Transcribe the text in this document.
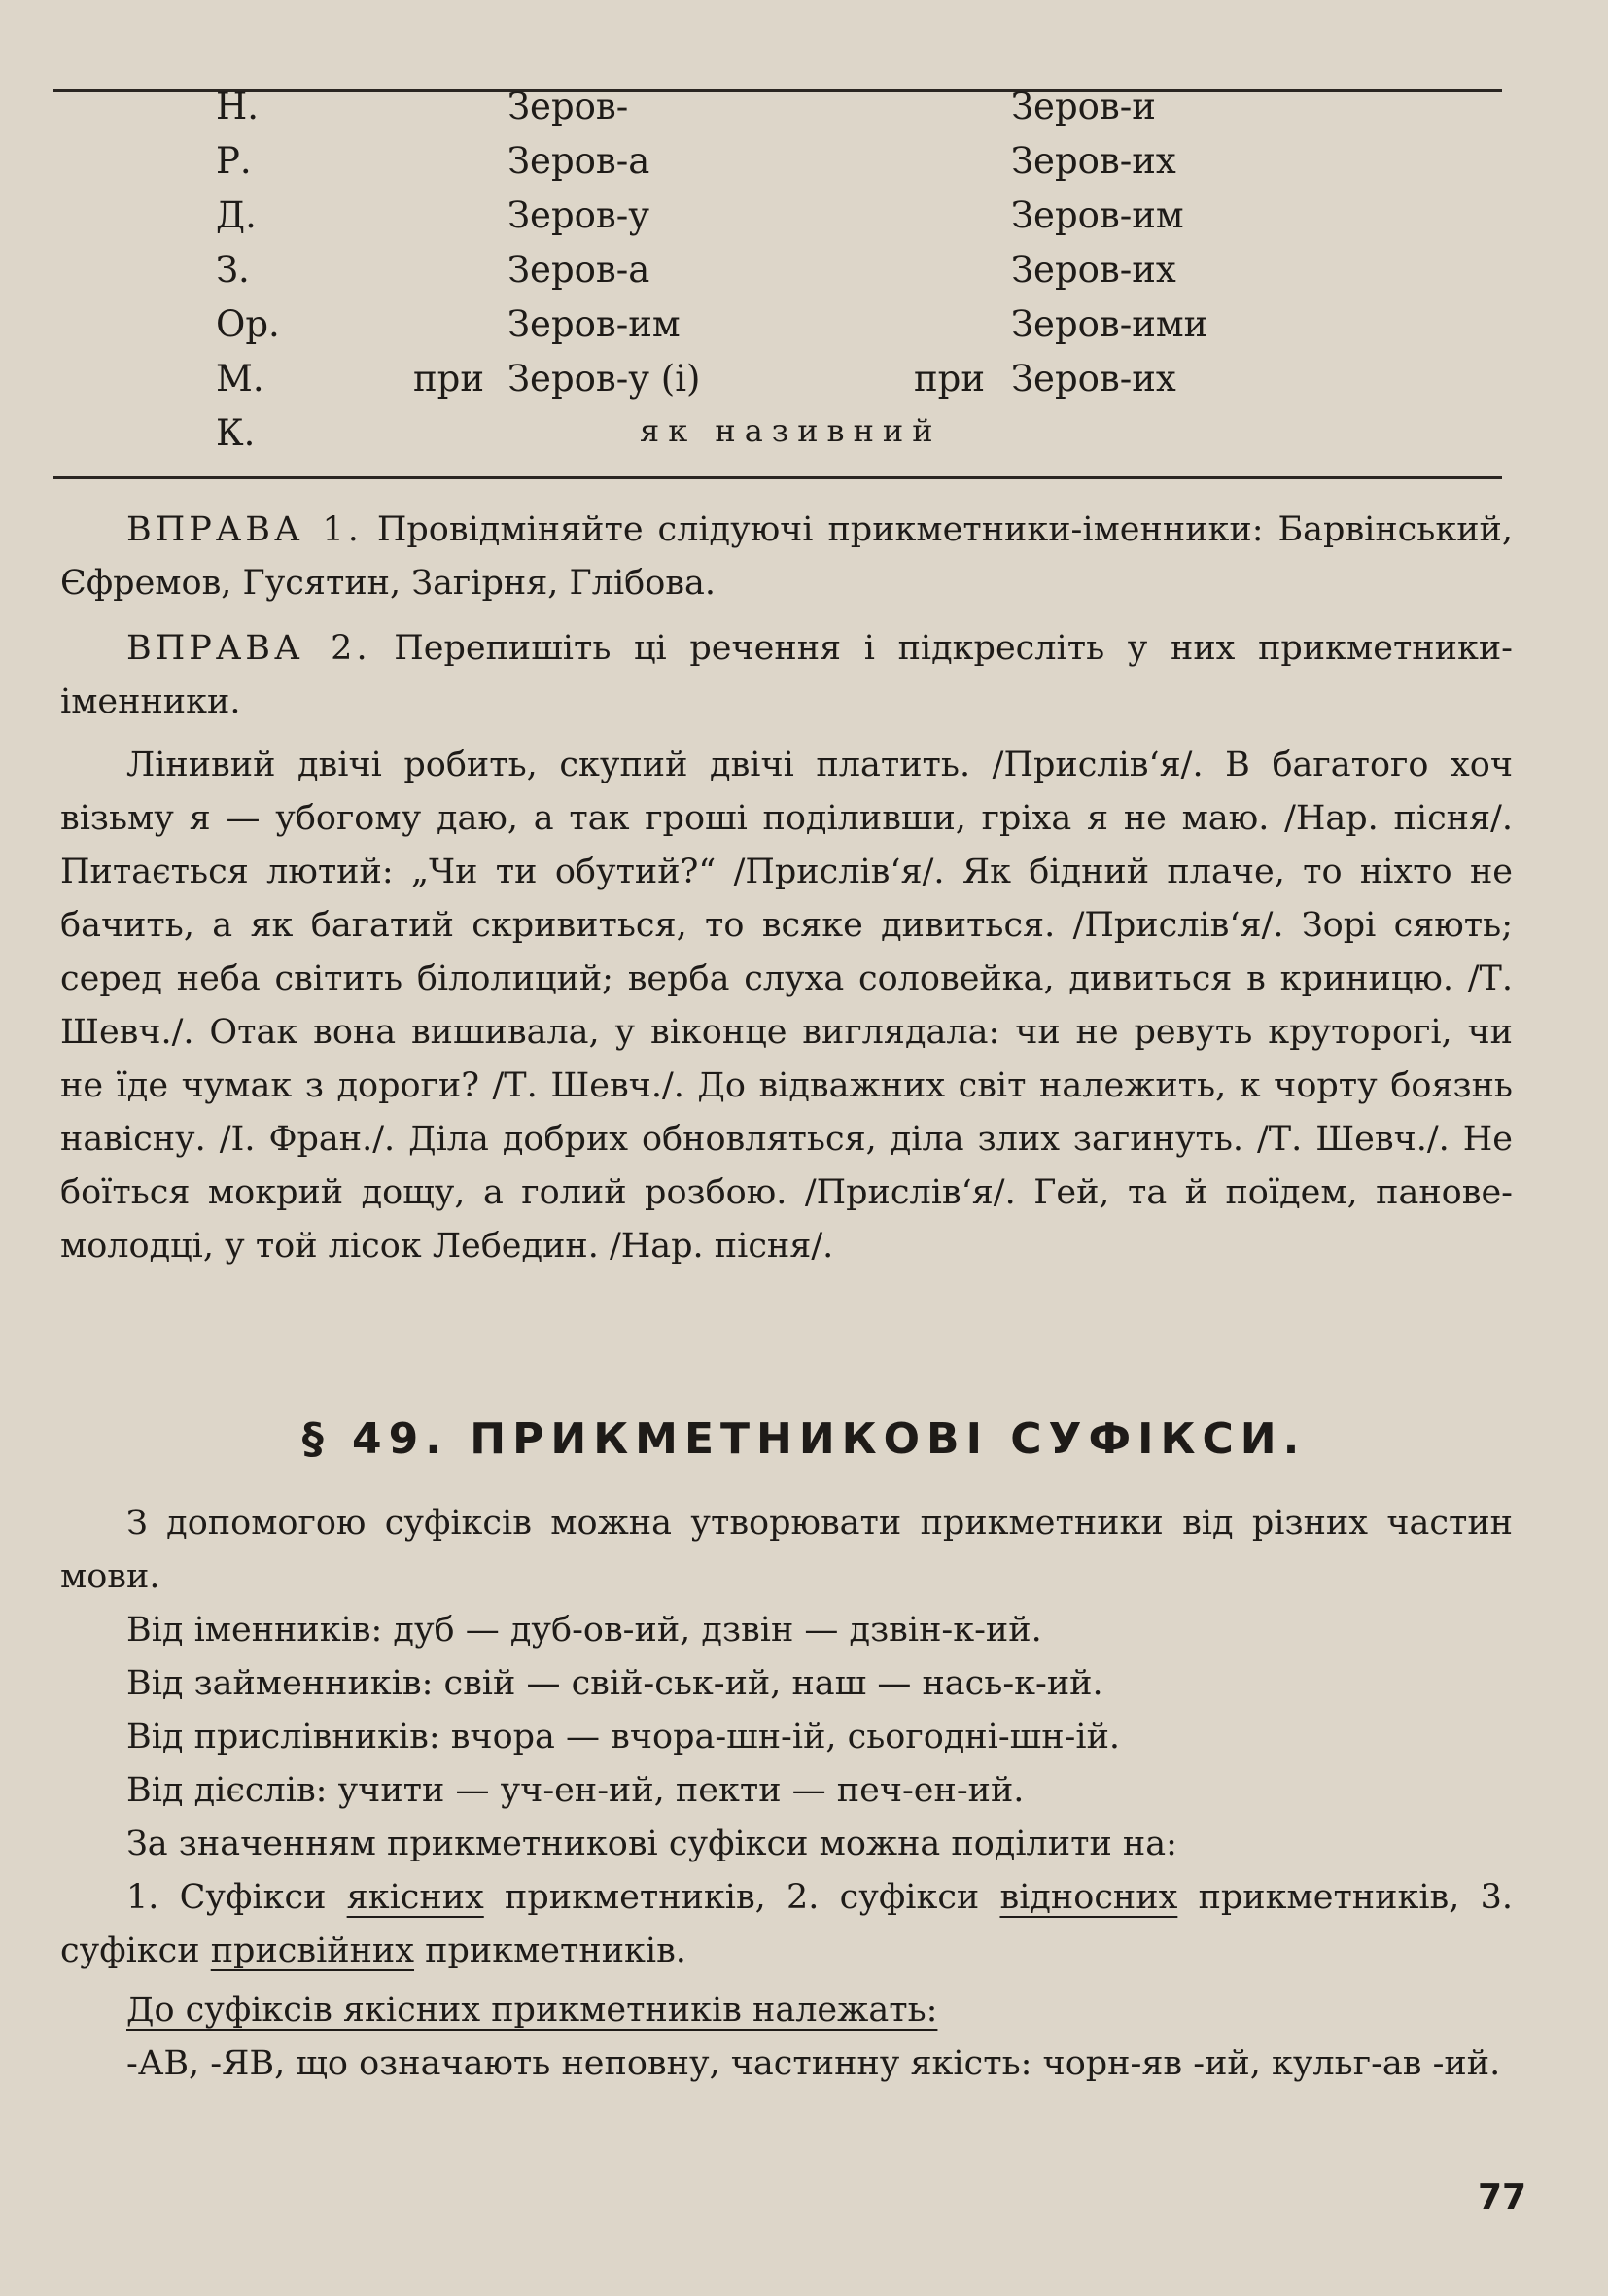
Н.	Зеров-	Зеров-и
Р.	Зеров-а	Зеров-их
Д.	Зеров-у	Зеров-им
З.	Зеров-а	Зеров-их
Ор.	Зеров-им	Зеров-ими
М.	при Зеров-у (і)	при Зеров-их
К.	як називний

ВПРАВА 1. Провідміняйте слідуючі прикметники-іменники: Барвінський, Єфремов, Гусятин, Загірня, Глібова.

ВПРАВА 2. Перепишіть ці речення і підкресліть у них прикметники-іменники.

Лінивий двічі робить, скупий двічі платить. /Прислів‘я/. В багатого хоч візьму я — убогому даю, а так гроші поділивши, гріха я не маю. /Нар. пісня/. Питається лютий: „Чи ти обутий?“ /Прислів‘я/. Як бідний плаче, то ніхто не бачить, а як багатий скривиться, то всяке дивиться. /Прислів‘я/. Зорі сяють; серед неба світить білолиций; верба слуха соловейка, дивиться в криницю. /Т. Шевч./. Отак вона вишивала, у віконце виглядала: чи не ревуть круторогі, чи не їде чумак з дороги? /Т. Шевч./. До відважних світ належить, к чорту боязнь навісну. /І. Фран./. Діла добрих обновляться, діла злих загинуть. /Т. Шевч./. Не боїться мокрий дощу, а голий розбою. /Прислів‘я/. Гей, та й поїдем, панове-молодці, у той лісок Лебедин. /Нар. пісня/.

§ 49. ПРИКМЕТНИКОВІ СУФІКСИ.

З допомогою суфіксів можна утворювати прикметники від різних частин мови.

Від іменників: дуб — дуб-ов-ий, дзвін — дзвін-к-ий.

Від займенників: свій — свій-ськ-ий, наш — нась-к-ий.

Від прислівників: вчора — вчора-шн-ій, сьогодні-шн-ій.

Від дієслів: учити — уч-ен-ий, пекти — печ-ен-ий.

За значенням прикметникові суфікси можна поділити на:

1. Суфікси якісних прикметників, 2. суфікси відносних прикметників, 3. суфікси присвійних прикметників.

До суфіксів якісних прикметників належать:

-АВ, -ЯВ, що означають неповну, частинну якість: чорн-яв -ий, кульг-ав -ий.

77
